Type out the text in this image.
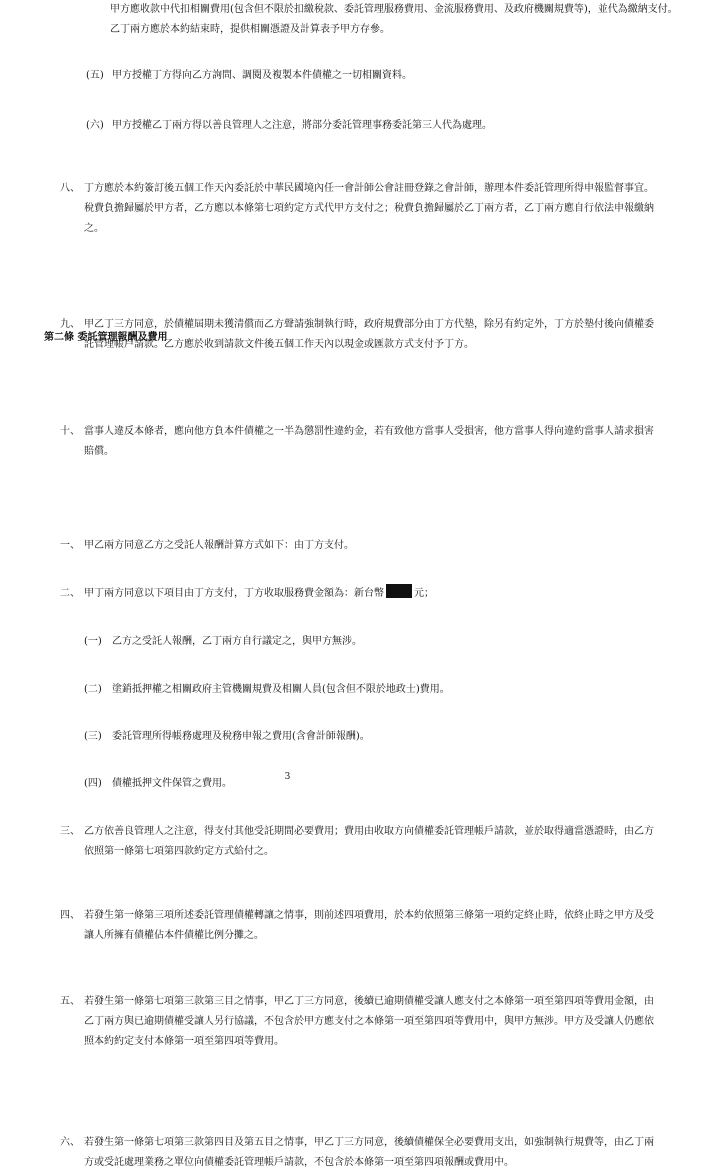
甲方應收款中代扣相關費用(包含但不限於扣繳稅款、委託管理服務費用、金流服務費用、及政府機關規費等)，並代為繳納支付。乙丁兩方應於本約結束時，提供相關憑證及計算表予甲方存參。

(五) 甲方授權丁方得向乙方詢問、調閱及複製本件債權之一切相關資料。

(六) 甲方授權乙丁兩方得以善良管理人之注意，將部分委託管理事務委託第三人代為處理。

八、 丁方應於本約簽訂後五個工作天內委託於中華民國境內任一會計師公會註冊登錄之會計師，辦理本件委託管理所得申報監督事宜。稅費負擔歸屬於甲方者，乙方應以本條第七項約定方式代甲方支付之；稅費負擔歸屬於乙丁兩方者，乙丁兩方應自行依法申報繳納之。

九、 甲乙丁三方同意，於債權屆期未獲清償而乙方聲請強制執行時，政府規費部分由丁方代墊，除另有約定外，丁方於墊付後向債權委託管理帳戶請款。乙方應於收到請款文件後五個工作天內以現金或匯款方式支付予丁方。

十、 當事人違反本條者，應向他方負本件債權之一半為懲罰性違約金，若有致他方當事人受損害，他方當事人得向違約當事人請求損害賠償。

第二條 委託管理報酬及費用
一、 甲乙兩方同意乙方之受託人報酬計算方式如下：由丁方支付。

二、 甲丁兩方同意以下項目由丁方支付，丁方收取服務費金額為：新台幣	元；

(一) 乙方之受託人報酬，乙丁兩方自行議定之，與甲方無涉。

(二) 塗銷抵押權之相關政府主管機關規費及相關人員(包含但不限於地政士)費用。

(三) 委託管理所得帳務處理及稅務申報之費用(含會計師報酬)。

(四) 債權抵押文件保管之費用。

三、 乙方依善良管理人之注意，得支付其他受託期間必要費用；費用由收取方向債權委託管理帳戶請款，並於取得適當憑證時，由乙方依照第一條第七項第四款約定方式給付之。

四、 若發生第一條第三項所述委託管理債權轉讓之情事，則前述四項費用，於本約依照第三條第一項約定終止時，依終止時之甲方及受讓人所擁有債權佔本件債權比例分攤之。

五、 若發生第一條第七項第三款第三目之情事，甲乙丁三方同意，後續已逾期債權受讓人應支付之本條第一項至第四項等費用金額，由乙丁兩方與已逾期債權受讓人另行協議，不包含於甲方應支付之本條第一項至第四項等費用中，與甲方無涉。甲方及受讓人仍應依照本約約定支付本條第一項至第四項等費用。

六、 若發生第一條第七項第三款第四目及第五目之情事，甲乙丁三方同意，後續債權保全必要費用支出，如強制執行規費等，由乙丁兩方或受託處理業務之單位向債權委託管理帳戶請款，不包含於本條第一項至第四項報酬或費用中。

3
